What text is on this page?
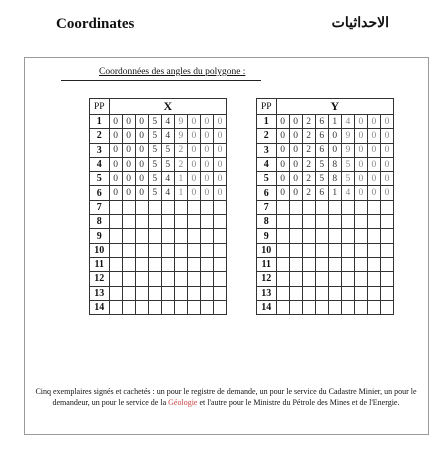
Coordinates	الاحداثيات
Coordonnées des angles du polygone :
PP	X								
1	0	0	0	5	4	9	0	0	0
2	0	0	0	5	4	9	0	0	0
3	0	0	0	5	5	2	0	0	0
4	0	0	0	5	5	2	0	0	0
5	0	0	0	5	4	1	0	0	0
6	0	0	0	5	4	1	0	0	0
7									
8									
9									
10									
11									
12									
13									
14									
PP	Y								
1	0	0	2	6	1	4	0	0	0
2	0	0	2	6	0	9	0	0	0
3	0	0	2	6	0	9	0	0	0
4	0	0	2	5	8	5	0	0	0
5	0	0	2	5	8	5	0	0	0
6	0	0	2	6	1	4	0	0	0
7									
8									
9									
10									
11									
12									
13									
14									
Cinq exemplaires signés et cachetés : un pour le registre de demande, un pour le service du Cadastre Minier, un pour le demandeur, un pour le service de la Géologie et l'autre pour le Ministre du Pétrole des Mines et de l'Energie.
